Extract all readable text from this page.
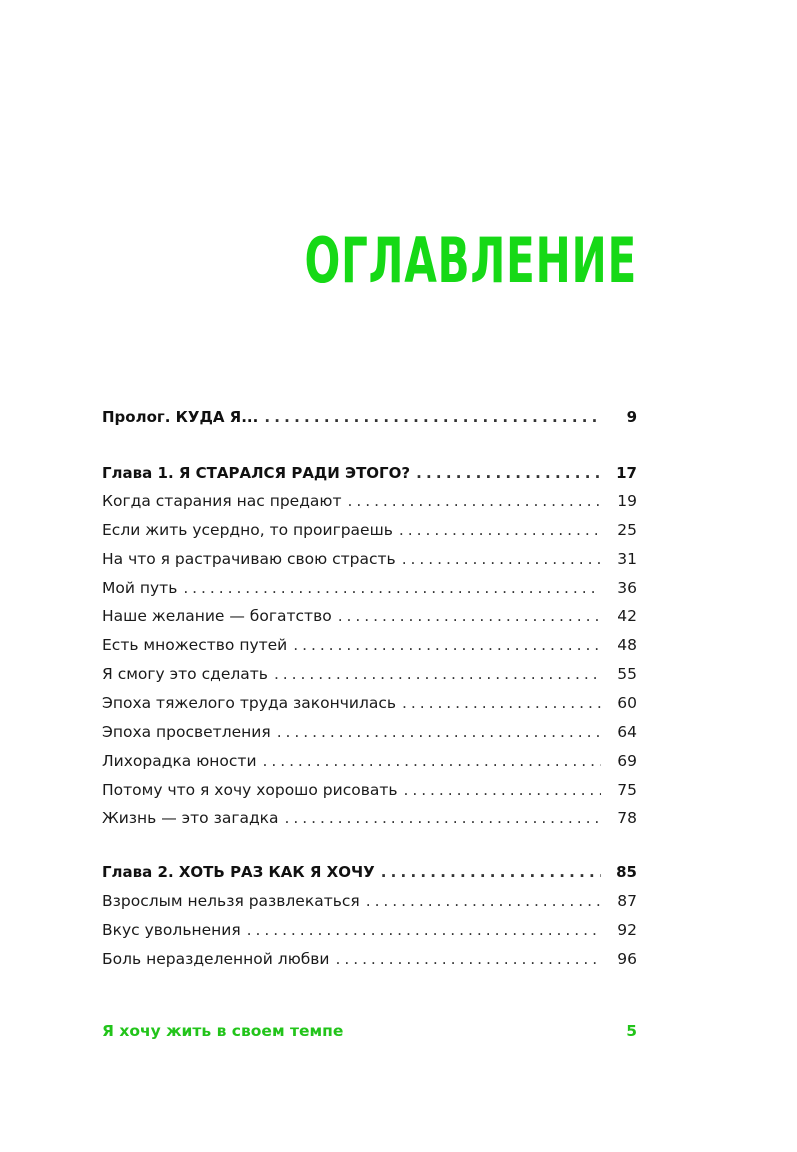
ОГЛАВЛЕНИЕ
Пролог. КУДА Я... . . .	9
Глава 1. Я СТАРАЛСЯ РАДИ ЭТОГО? . . .	17
Когда старания нас предают . . .	19
Если жить усердно, то проиграешь . . .	25
На что я растрачиваю свою страсть . . .	31
Мой путь . . .	36
Наше желание — богатство . . .	42
Есть множество путей . . .	48
Я смогу это сделать . . .	55
Эпоха тяжелого труда закончилась . . .	60
Эпоха просветления . . .	64
Лихорадка юности . . .	69
Потому что я хочу хорошо рисовать . . .	75
Жизнь — это загадка . . .	78
Глава 2. ХОТЬ РАЗ КАК Я ХОЧУ . . .	85
Взрослым нельзя развлекаться . . .	87
Вкус увольнения . . .	92
Боль неразделенной любви . . .	96
Я хочу жить в своем темпе	5
